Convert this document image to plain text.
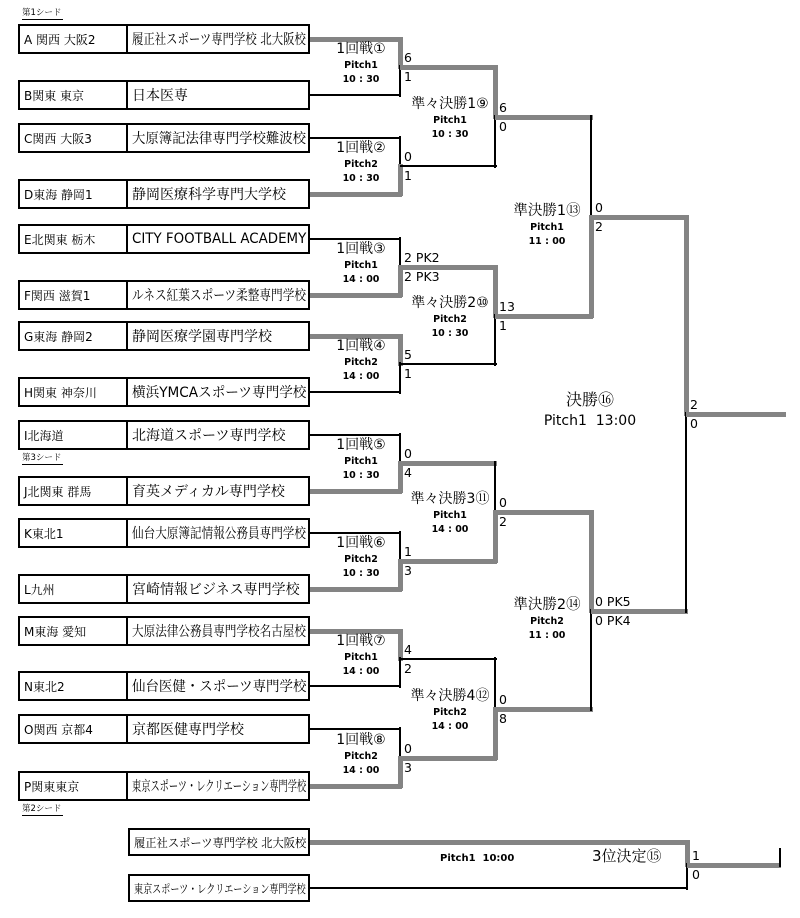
A 関西 大阪2	履正社スポーツ専門学校 北大阪校
B関東 東京	日本医専
C関西 大阪3	大原簿記法律専門学校難波校
D東海 静岡1	静岡医療科学専門大学校
E北関東 栃木	CITY FOOTBALL ACADEMY
F関西 滋賀1	ルネス紅葉スポーツ柔整専門学校
G東海 静岡2	静岡医療学園専門学校
H関東 神奈川	横浜YMCAスポーツ専門学校
I北海道	北海道スポーツ専門学校
J北関東 群馬	育英メディカル専門学校
K東北1	仙台大原簿記情報公務員専門学校
L九州	宮崎情報ビジネス専門学校
M東海 愛知	大原法律公務員専門学校名古屋校
N東北2	仙台医健・スポーツ専門学校
O関西 京都4	京都医健専門学校
P関東東京	東京スポーツ・レクリエーション専門学校
第1シード
第3シード
第2シード
1回戦①
Pitch1
10 : 30
6
1
1回戦②
Pitch2
10 : 30
0
1
1回戦③
Pitch1
14 : 00
2 PK2
2 PK3
1回戦④
Pitch2
14 : 00
5
1
1回戦⑤
Pitch1
10 : 30
0
4
1回戦⑥
Pitch2
10 : 30
1
3
1回戦⑦
Pitch1
14 : 00
4
2
1回戦⑧
Pitch2
14 : 00
0
3
準々決勝1⑨
Pitch1
10 : 30
6
0
準々決勝2⑩
Pitch2
10 : 30
13
1
準々決勝3⑪
Pitch1
14 : 00
0
2
準々決勝4⑫
Pitch2
14 : 00
0
8
準決勝1⑬
Pitch1
11 : 00
0
2
準決勝2⑭
Pitch2
11 : 00
0 PK5
0 PK4
決勝⑯
Pitch1  13:00
2
0
履正社スポーツ専門学校 北大阪校
東京スポーツ・レクリエーション専門学校
3位決定⑮
Pitch1  10:00	1
0
